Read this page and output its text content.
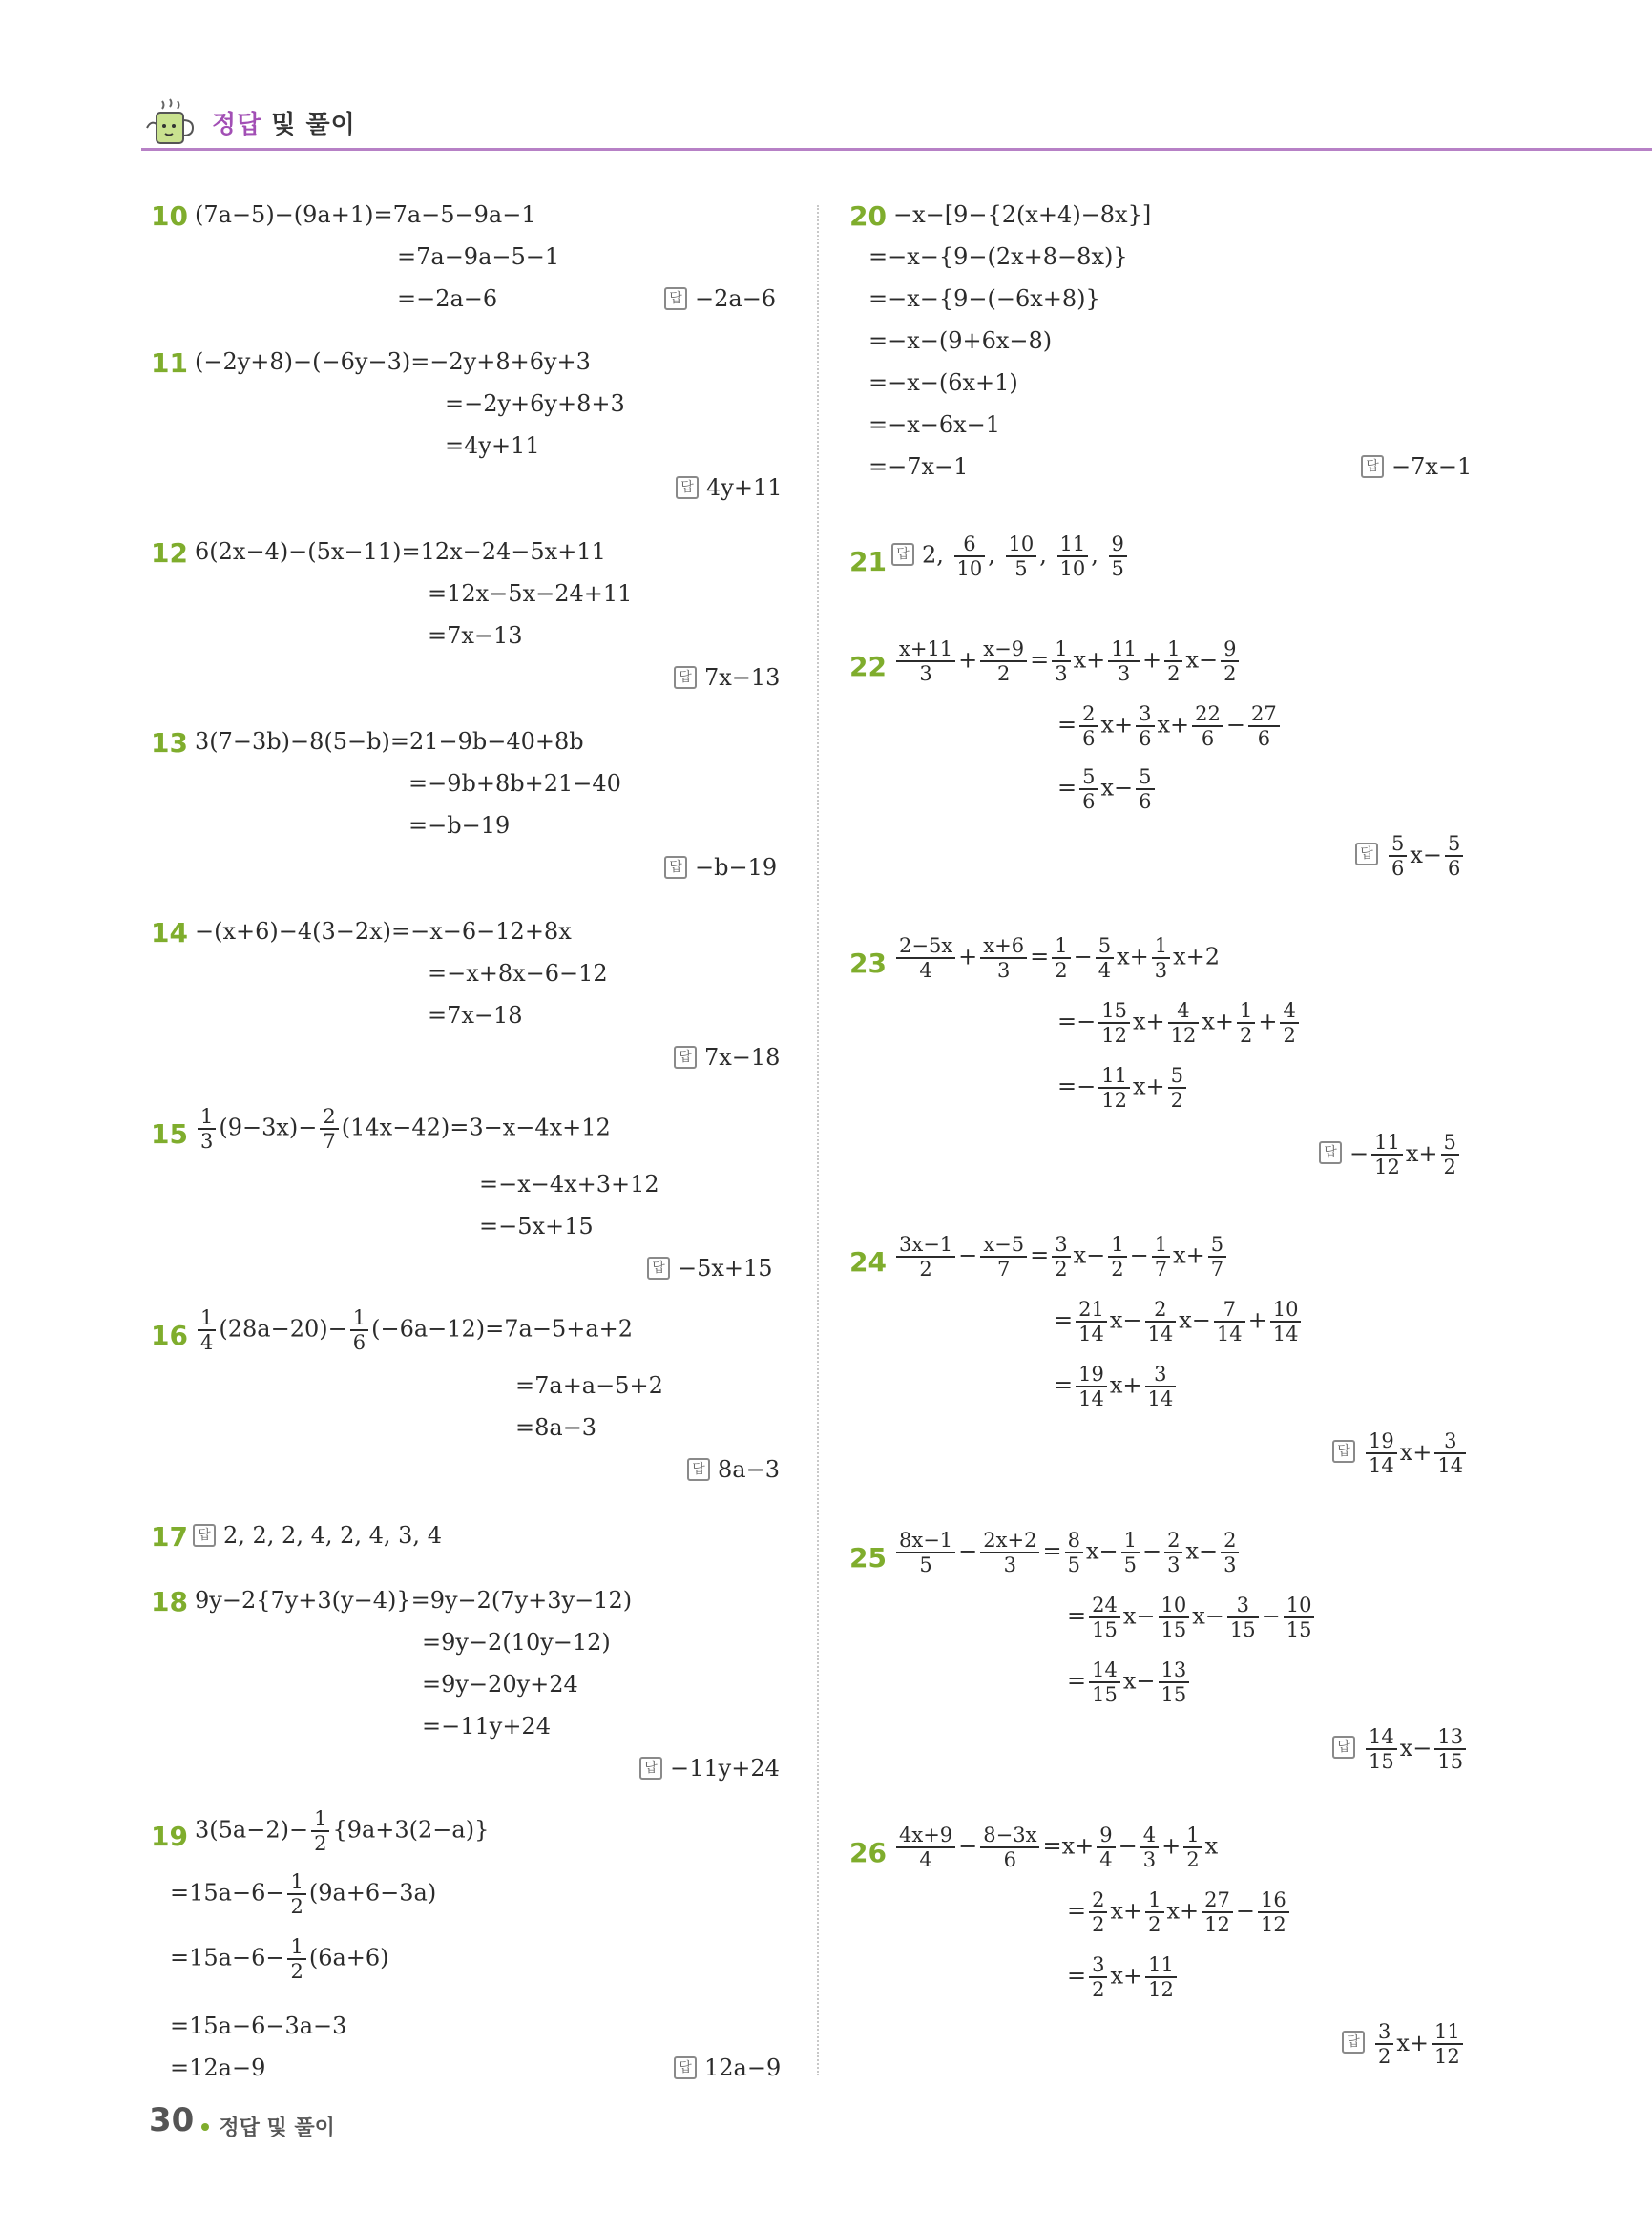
정답 및 풀이
10 (7a−5)−(9a+1)=7a−5−9a−1
=7a−9a−5−1
=−2a−6	답 −2a−6
11 (−2y+8)−(−6y−3)=−2y+8+6y+3
=−2y+6y+8+3
=4y+11
답 4y+11
12 6(2x−4)−(5x−11)=12x−24−5x+11
=12x−5x−24+11
=7x−13
답 7x−13
13 3(7−3b)−8(5−b)=21−9b−40+8b
=−9b+8b+21−40
=−b−19
답 −b−19
14 −(x+6)−4(3−2x)=−x−6−12+8x
=−x+8x−6−12
=7x−18
답 7x−18
$15 \frac{1}{3} (9-3x)- \frac{2}{7} (14x-42)=3-x-4x+12$
=−x−4x+3+12
=−5x+15
답 −5x+15
$16 \frac{1}{4} (28a-20)- \frac{1}{6} (-6a-12)=7a-5+a+2$
=7a+a−5+2
=8a−3
답 8a−3
17 답 2, 2, 2, 4, 2, 4, 3, 4
18 9y−2{7y+3(y−4)}=9y−2(7y+3y−12)
=9y−2(10y−12)
=9y−20y+24
=−11y+24
답 −11y+24
19 $3(5a-2)- \frac{1}{2} \{9a+3(2-a)\}$
$=15a-6- \frac{1}{2} (9a+6-3a)$
$=15a-6- \frac{1}{2} (6a+6)$
=15a−6−3a−3
=12a−9	답 12a−9
20 −x−[9−{2(x+4)−8x}]
=−x−{9−(2x+8−8x)}
=−x−{9−(−6x+8)}
=−x−(9+6x−8)
=−x−(6x+1)
=−x−6x−1
=−7x−1	답 −7x−1
21 답 2, $\frac{6}{10}$ , $\frac{10}{5}$ , $\frac{11}{10}$ , $\frac{9}{5}$
$22 \frac{x+11}{3} + \frac{x-9}{2} = \frac{1}{3} x+ \frac{11}{3} + \frac{1}{2} x- \frac{9}{2}$
= $\frac{2}{6} x+ \frac{3}{6} x+ \frac{22}{6} - \frac{27}{6}$
= $\frac{5}{6} x- \frac{5}{6}$
답 $\frac{5}{6} x- \frac{5}{6}$
$23 \frac{2-5x}{4} + \frac{x+6}{3} = \frac{1}{2} - \frac{5}{4} x+ \frac{1}{3} x+2$
=− $\frac{15}{12} x+ \frac{4}{12} x+ \frac{1}{2} + \frac{4}{2}$
=− $\frac{11}{12} x+ \frac{5}{2}$
답 − $\frac{11}{12} x+ \frac{5}{2}$
$24 \frac{3x-1}{2} - \frac{x-5}{7} = \frac{3}{2} x- \frac{1}{2} - \frac{1}{7} x+ \frac{5}{7}$
= $\frac{21}{14} x- \frac{2}{14} x- \frac{7}{14} + \frac{10}{14}$
= $\frac{19}{14} x+ \frac{3}{14}$
답 $\frac{19}{14} x+ \frac{3}{14}$
$25 \frac{8x-1}{5} - \frac{2x+2}{3} = \frac{8}{5} x- \frac{1}{5} - \frac{2}{3} x- \frac{2}{3}$
= $\frac{24}{15} x- \frac{10}{15} x- \frac{3}{15} - \frac{10}{15}$
= $\frac{14}{15} x- \frac{13}{15}$
답 $\frac{14}{15} x- \frac{13}{15}$
$26 \frac{4x+9}{4} - \frac{8-3x}{6} =x+ \frac{9}{4} - \frac{4}{3} + \frac{1}{2}$ x
= $\frac{2}{2} x+ \frac{1}{2} x+ \frac{27}{12} - \frac{16}{12}$
= $\frac{3}{2} x+ \frac{11}{12}$
답 $\frac{3}{2} x+ \frac{11}{12}$
30 정답 및 풀이
